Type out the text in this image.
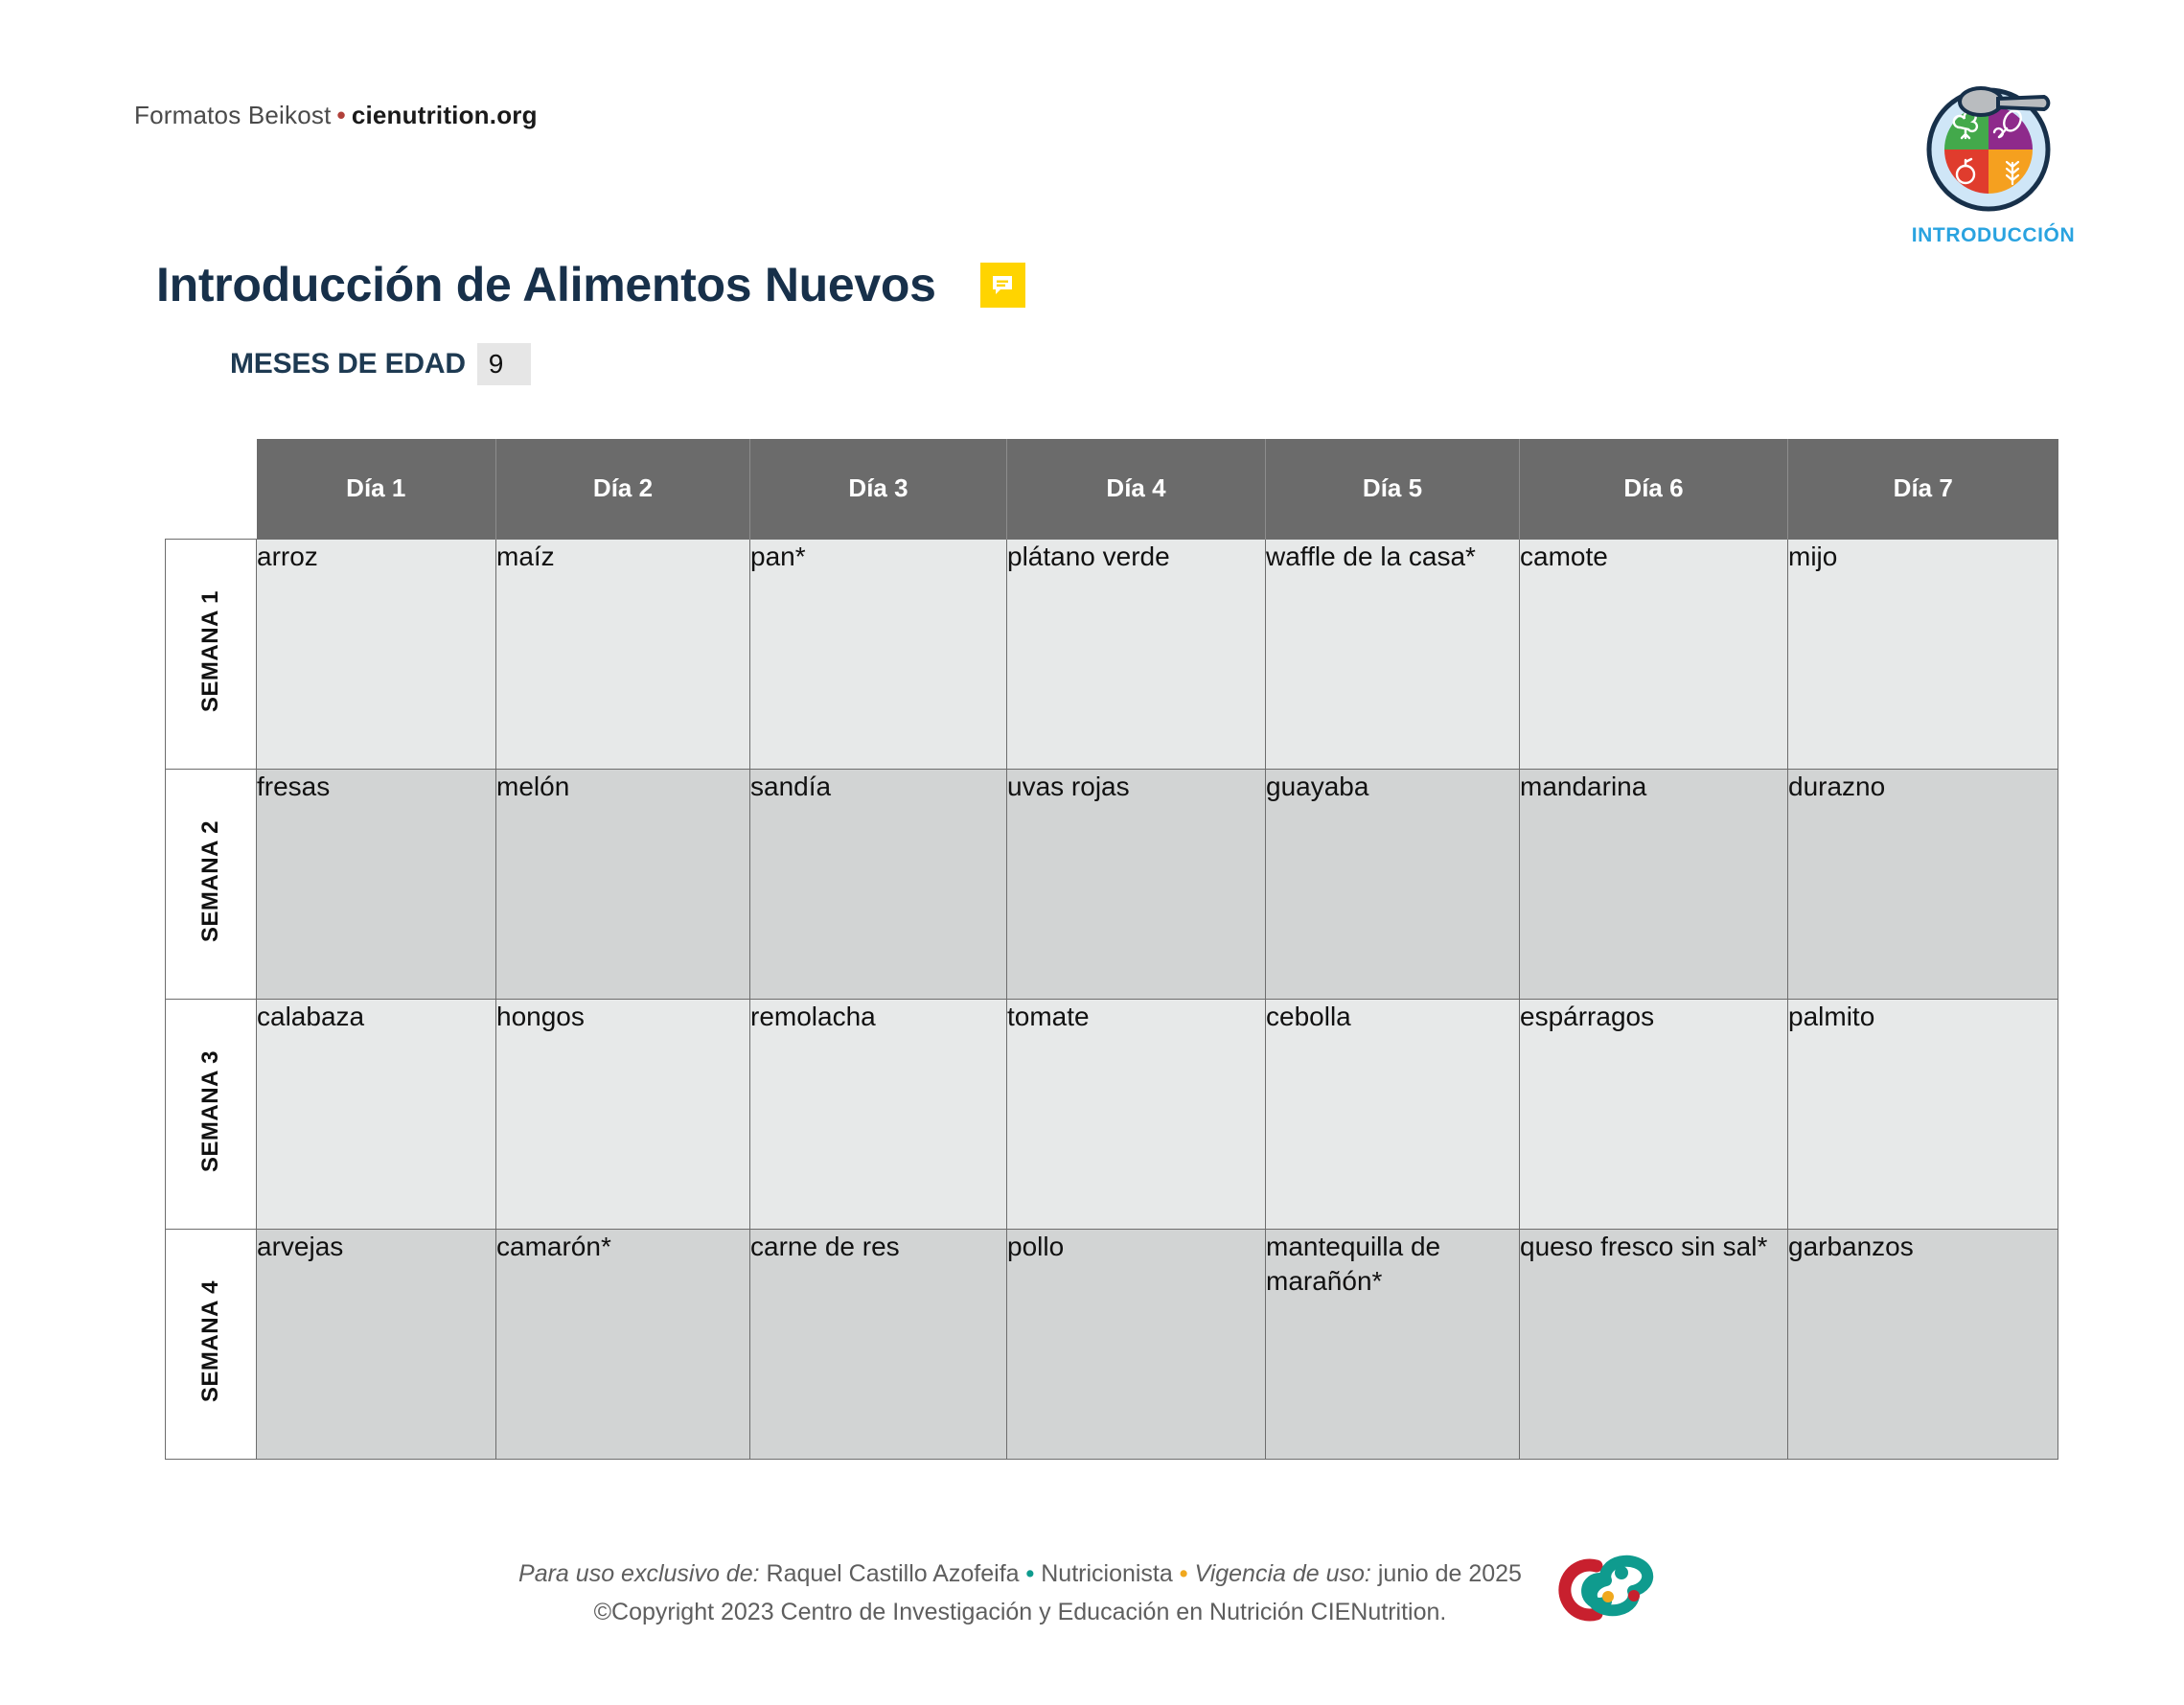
Formatos Beikost • cienutrition.org
INTRODUCCIÓN
Introducción de Alimentos Nuevos
MESES DE EDAD 9
	Día 1	Día 2	Día 3	Día 4	Día 5	Día 6	Día 7
SEMANA 1	arroz	maíz	pan*	plátano verde	waffle de la casa*	camote	mijo
SEMANA 2	fresas	melón	sandía	uvas rojas	guayaba	mandarina	durazno
SEMANA 3	calabaza	hongos	remolacha	tomate	cebolla	espárragos	palmito
SEMANA 4	arvejas	camarón*	carne de res	pollo	mantequilla de marañón*	queso fresco sin sal*	garbanzos
Para uso exclusivo de: Raquel Castillo Azofeifa • Nutricionista • Vigencia de uso: junio de 2025
©Copyright 2023 Centro de Investigación y Educación en Nutrición CIENutrition.
